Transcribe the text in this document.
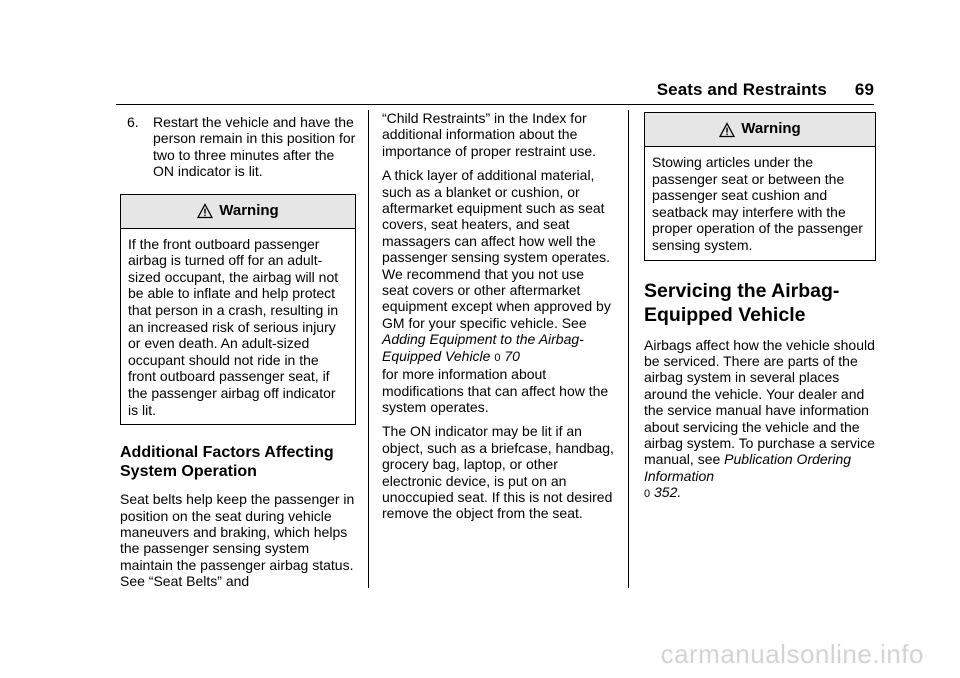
Seats and Restraints 69
6. Restart the vehicle and have the person remain in this position for two to three minutes after the ON indicator is lit.
Warning
If the front outboard passenger airbag is turned off for an adult-sized occupant, the airbag will not be able to inflate and help protect that person in a crash, resulting in an increased risk of serious injury or even death. An adult-sized occupant should not ride in the front outboard passenger seat, if the passenger airbag off indicator is lit.
Additional Factors Affecting System Operation

Seat belts help keep the passenger in position on the seat during vehicle maneuvers and braking, which helps the passenger sensing system maintain the passenger airbag status. See “Seat Belts” and

“Child Restraints” in the Index for additional information about the importance of proper restraint use.

A thick layer of additional material, such as a blanket or cushion, or aftermarket equipment such as seat covers, seat heaters, and seat massagers can affect how well the passenger sensing system operates. We recommend that you not use seat covers or other aftermarket equipment except when approved by GM for your specific vehicle. See Adding Equipment to the Airbag-Equipped Vehicle 0 70
for more information about modifications that can affect how the system operates.

The ON indicator may be lit if an object, such as a briefcase, handbag, grocery bag, laptop, or other electronic device, is put on an unoccupied seat. If this is not desired remove the object from the seat.

Warning
Stowing articles under the passenger seat or between the passenger seat cushion and seatback may interfere with the proper operation of the passenger sensing system.
Servicing the Airbag-Equipped Vehicle

Airbags affect how the vehicle should be serviced. There are parts of the airbag system in several places around the vehicle. Your dealer and the service manual have information about servicing the vehicle and the airbag system. To purchase a service manual, see Publication Ordering Information
0 352.

carmanualsonline.info
